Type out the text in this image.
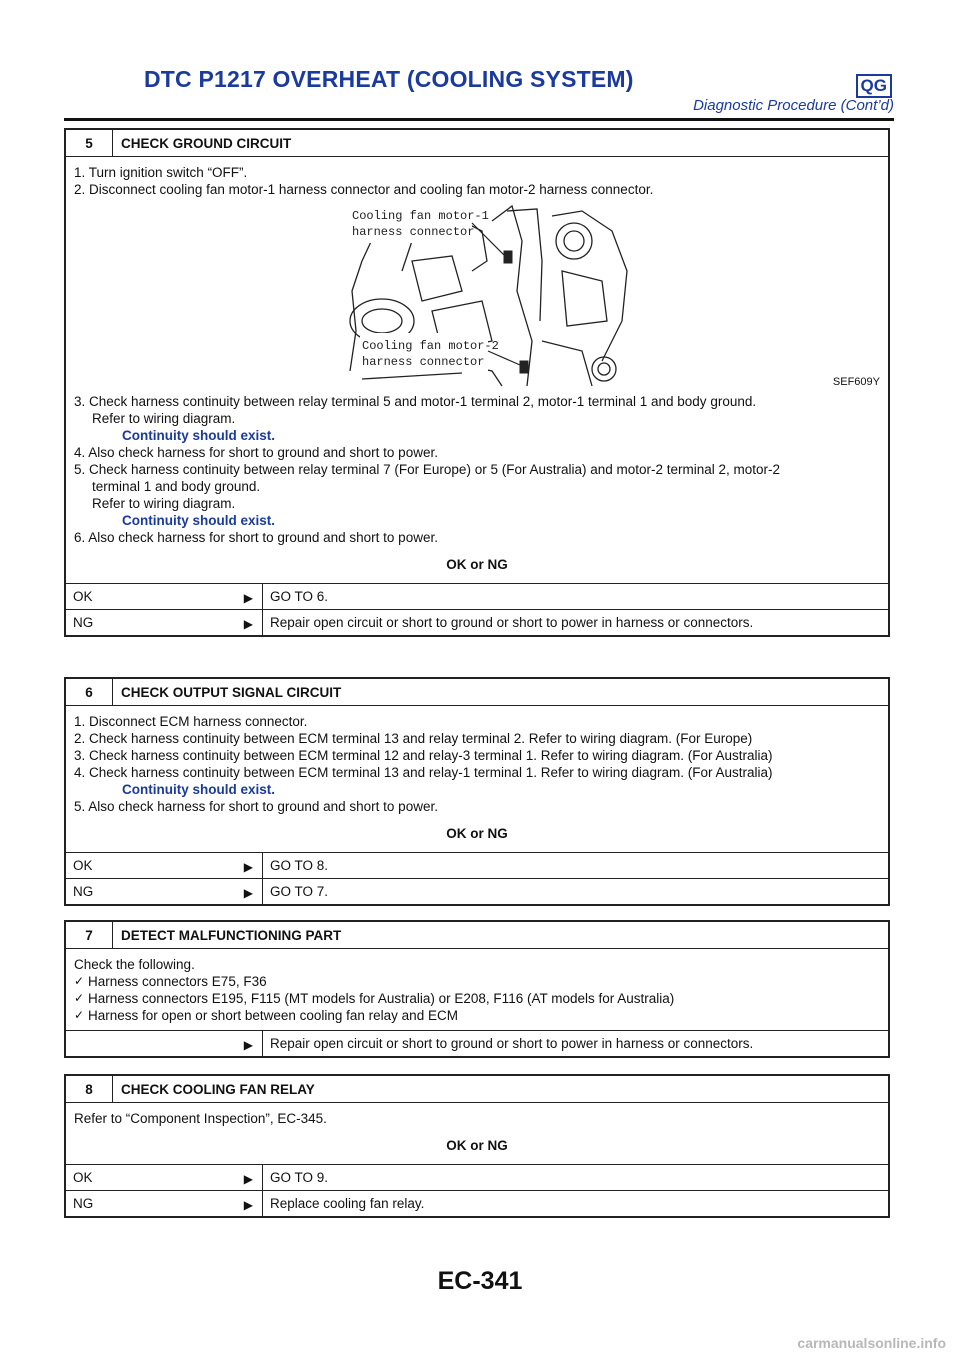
DTC P1217 OVERHEAT (COOLING SYSTEM)	QG
Diagnostic Procedure (Cont’d)
5	CHECK GROUND CIRCUIT
1. Turn ignition switch “OFF”.
2. Disconnect cooling fan motor-1 harness connector and cooling fan motor-2 harness connector.
Cooling fan motor-1
harness connector
Cooling fan motor-2
harness connector
SEF609Y
3. Check harness continuity between relay terminal 5 and motor-1 terminal 2, motor-1 terminal 1 and body ground.
Refer to wiring diagram.
Continuity should exist.
4. Also check harness for short to ground and short to power.
5. Check harness continuity between relay terminal 7 (For Europe) or 5 (For Australia) and motor-2 terminal 2, motor-2
terminal 1 and body ground.
Refer to wiring diagram.
Continuity should exist.
6. Also check harness for short to ground and short to power.
OK or NG
OK	▶	GO TO 6.
NG	▶	Repair open circuit or short to ground or short to power in harness or connectors.
6	CHECK OUTPUT SIGNAL CIRCUIT
1. Disconnect ECM harness connector.
2. Check harness continuity between ECM terminal 13 and relay terminal 2. Refer to wiring diagram. (For Europe)
3. Check harness continuity between ECM terminal 12 and relay-3 terminal 1. Refer to wiring diagram. (For Australia)
4. Check harness continuity between ECM terminal 13 and relay-1 terminal 1. Refer to wiring diagram. (For Australia)
Continuity should exist.
5. Also check harness for short to ground and short to power.
OK or NG
OK	▶	GO TO 8.
NG	▶	GO TO 7.
7	DETECT MALFUNCTIONING PART
Check the following.
✓ Harness connectors E75, F36
✓ Harness connectors E195, F115 (MT models for Australia) or E208, F116 (AT models for Australia)
✓ Harness for open or short between cooling fan relay and ECM
▶	Repair open circuit or short to ground or short to power in harness or connectors.
8	CHECK COOLING FAN RELAY
Refer to “Component Inspection”, EC-345.
OK or NG
OK	▶	GO TO 9.
NG	▶	Replace cooling fan relay.
EC-341
carmanualsonline.info
